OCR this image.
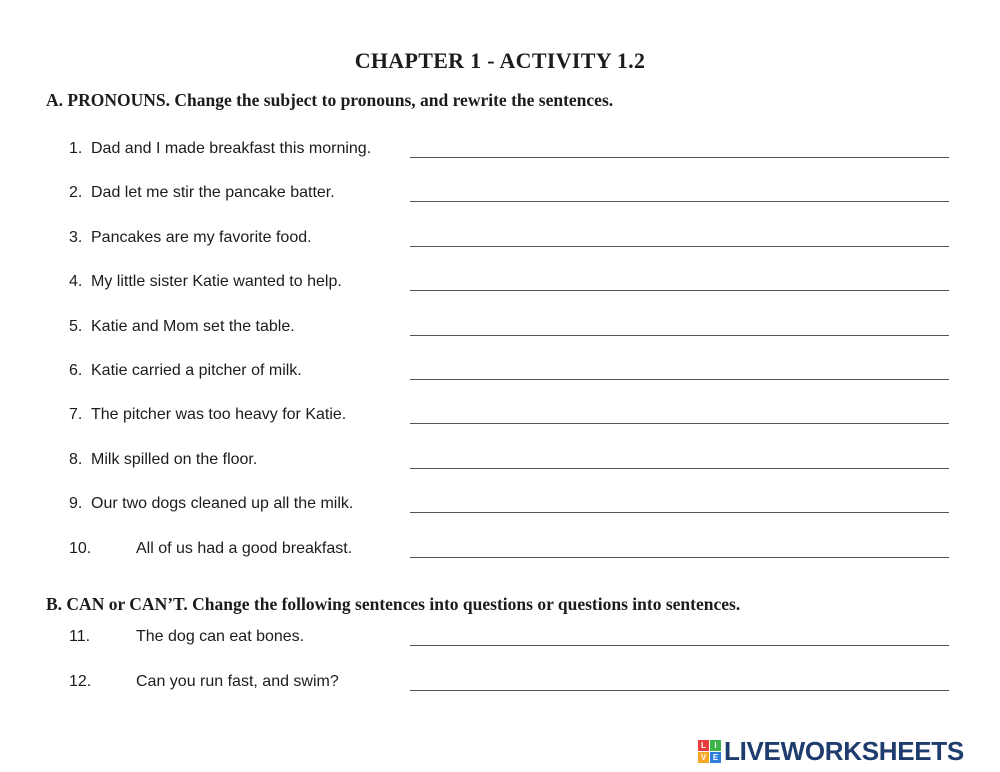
CHAPTER 1 - ACTIVITY 1.2
A. PRONOUNS. Change the subject to pronouns, and rewrite the sentences.
1. Dad and I made breakfast this morning.
2. Dad let me stir the pancake batter.
3. Pancakes are my favorite food.
4. My little sister Katie wanted to help.
5. Katie and Mom set the table.
6. Katie carried a pitcher of milk.
7. The pitcher was too heavy for Katie.
8. Milk spilled on the floor.
9. Our two dogs cleaned up all the milk.
10.	All of us had a good breakfast.
B. CAN or CAN’T. Change the following sentences into questions or questions into sentences.
11.	The dog can eat bones.
12.	Can you run fast, and swim?
L	I
V E LIVEWORKSHEETS
